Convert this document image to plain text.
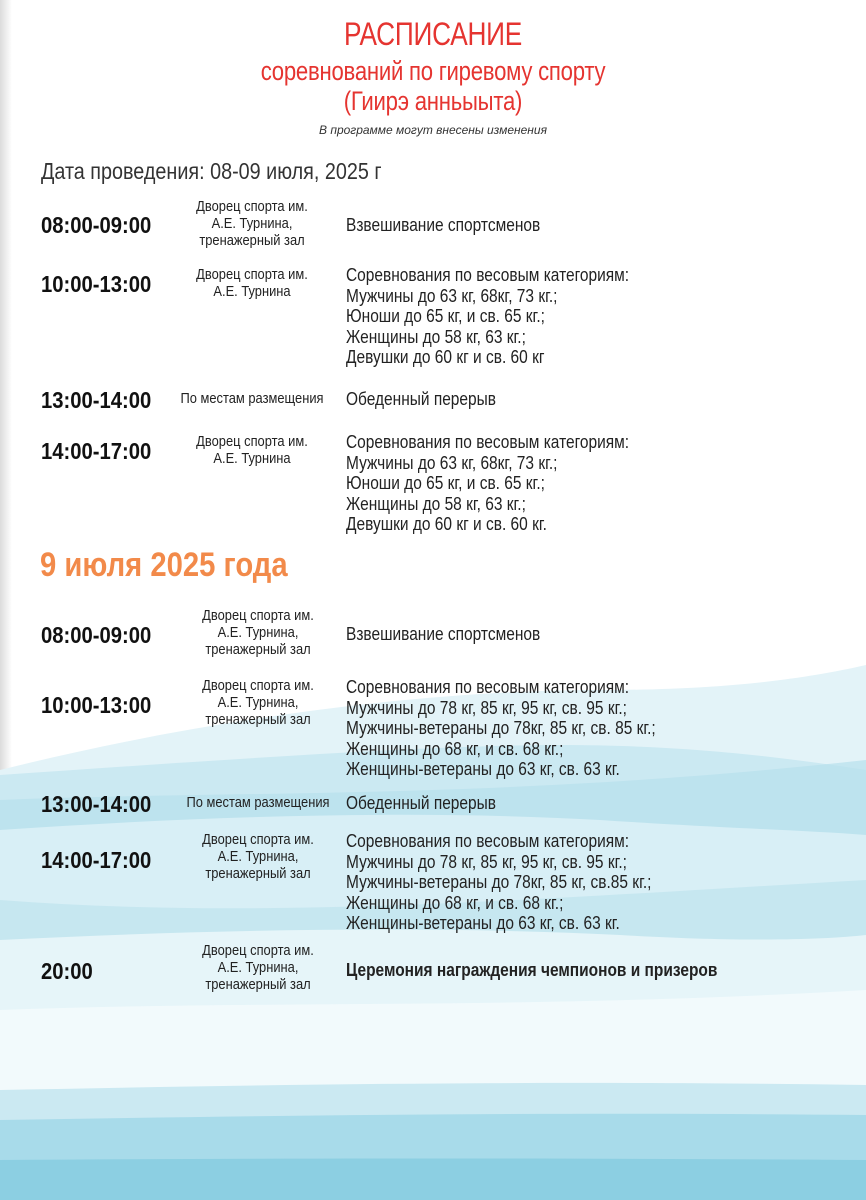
РАСПИСАНИЕ
соревнований по гиревому спорту
(Гиирэ анньыыта)
В программе могут внесены изменения
Дата проведения: 08-09 июля, 2025 г
08:00-09:00
Дворец спорта им.
А.Е. Турнина,
тренажерный зал
Взвешивание спортсменов
10:00-13:00	Дворец спорта им.
А.Е. Турнина
Соревнования по весовым категориям:
Мужчины до 63 кг, 68кг, 73 кг.;
Юноши до 65 кг, и св. 65 кг.;
Женщины до 58 кг, 63 кг.;
Девушки до 60 кг и св. 60 кг
13:00-14:00 По местам размещения Обеденный перерыв
14:00-17:00	Дворец спорта им.
А.Е. Турнина
Соревнования по весовым категориям:
Мужчины до 63 кг, 68кг, 73 кг.;
Юноши до 65 кг, и св. 65 кг.;
Женщины до 58 кг, 63 кг.;
Девушки до 60 кг и св. 60 кг.
9 июля 2025 года
08:00-09:00
Дворец спорта им.
А.Е. Турнина,
тренажерный зал
Взвешивание спортсменов
10:00-13:00
Дворец спорта им.
А.Е. Турнина,
тренажерный зал
Соревнования по весовым категориям:
Мужчины до 78 кг, 85 кг, 95 кг, св. 95 кг.;
Мужчины-ветераны до 78кг, 85 кг, св. 85 кг.;
Женщины до 68 кг, и св. 68 кг.;
Женщины-ветераны до 63 кг, св. 63 кг.
13:00-14:00 По местам размещения Обеденный перерыв
14:00-17:00
Дворец спорта им.
А.Е. Турнина,
тренажерный зал
Соревнования по весовым категориям:
Мужчины до 78 кг, 85 кг, 95 кг, св. 95 кг.;
Мужчины-ветераны до 78кг, 85 кг, св.85 кг.;
Женщины до 68 кг, и св. 68 кг.;
Женщины-ветераны до 63 кг, св. 63 кг.
20:00
Дворец спорта им.
А.Е. Турнина,
тренажерный зал
Церемония награждения чемпионов и призеров
